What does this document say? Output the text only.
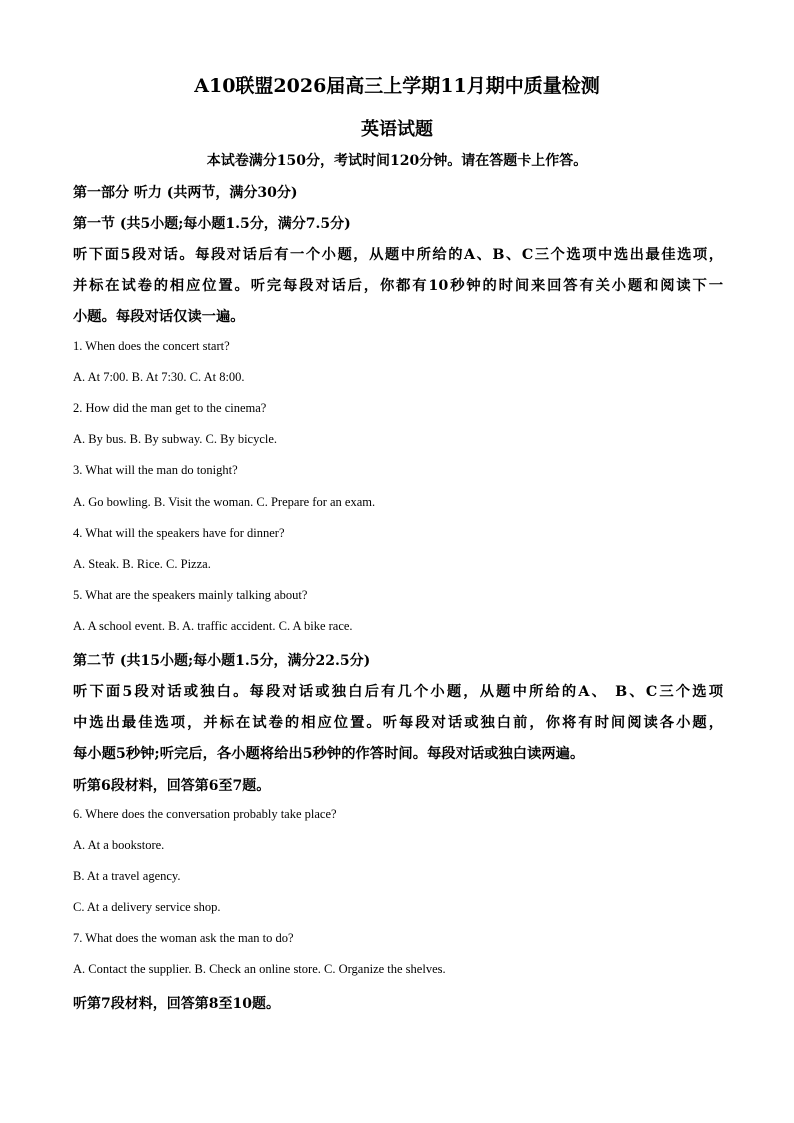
A10联盟2026届高三上学期11月期中质量检测
英语试题
本试卷满分150分，考试时间120分钟。请在答题卡上作答。
第一部分 听力 (共两节，满分30分)
第一节 (共5小题;每小题1.5分，满分7.5分)
听下面5段对话。每段对话后有一个小题，从题中所给的A、B、C三个选项中选出最佳选项，
并标在试卷的相应位置。听完每段对话后，你都有10秒钟的时间来回答有关小题和阅读下一
小题。每段对话仅读一遍。
1. When does the concert start?
A. At 7:00. B. At 7:30. C. At 8:00.
2. How did the man get to the cinema?
A. By bus. B. By subway. C. By bicycle.
3. What will the man do tonight?
A. Go bowling. B. Visit the woman. C. Prepare for an exam.
4. What will the speakers have for dinner?
A. Steak. B. Rice. C. Pizza.
5. What are the speakers mainly talking about?
A. A school event. B. A. traffic accident. C. A bike race.
第二节 (共15小题;每小题1.5分，满分22.5分)
听下面5段对话或独白。每段对话或独白后有几个小题，从题中所给的A、 B、C三个选项
中选出最佳选项，并标在试卷的相应位置。听每段对话或独白前，你将有时间阅读各小题，
每小题5秒钟;听完后，各小题将给出5秒钟的作答时间。每段对话或独白读两遍。
听第6段材料，回答第6至7题。
6. Where does the conversation probably take place?
A. At a bookstore.
B. At a travel agency.
C. At a delivery service shop.
7. What does the woman ask the man to do?
A. Contact the supplier. B. Check an online store. C. Organize the shelves.
听第7段材料，回答第8至10题。
